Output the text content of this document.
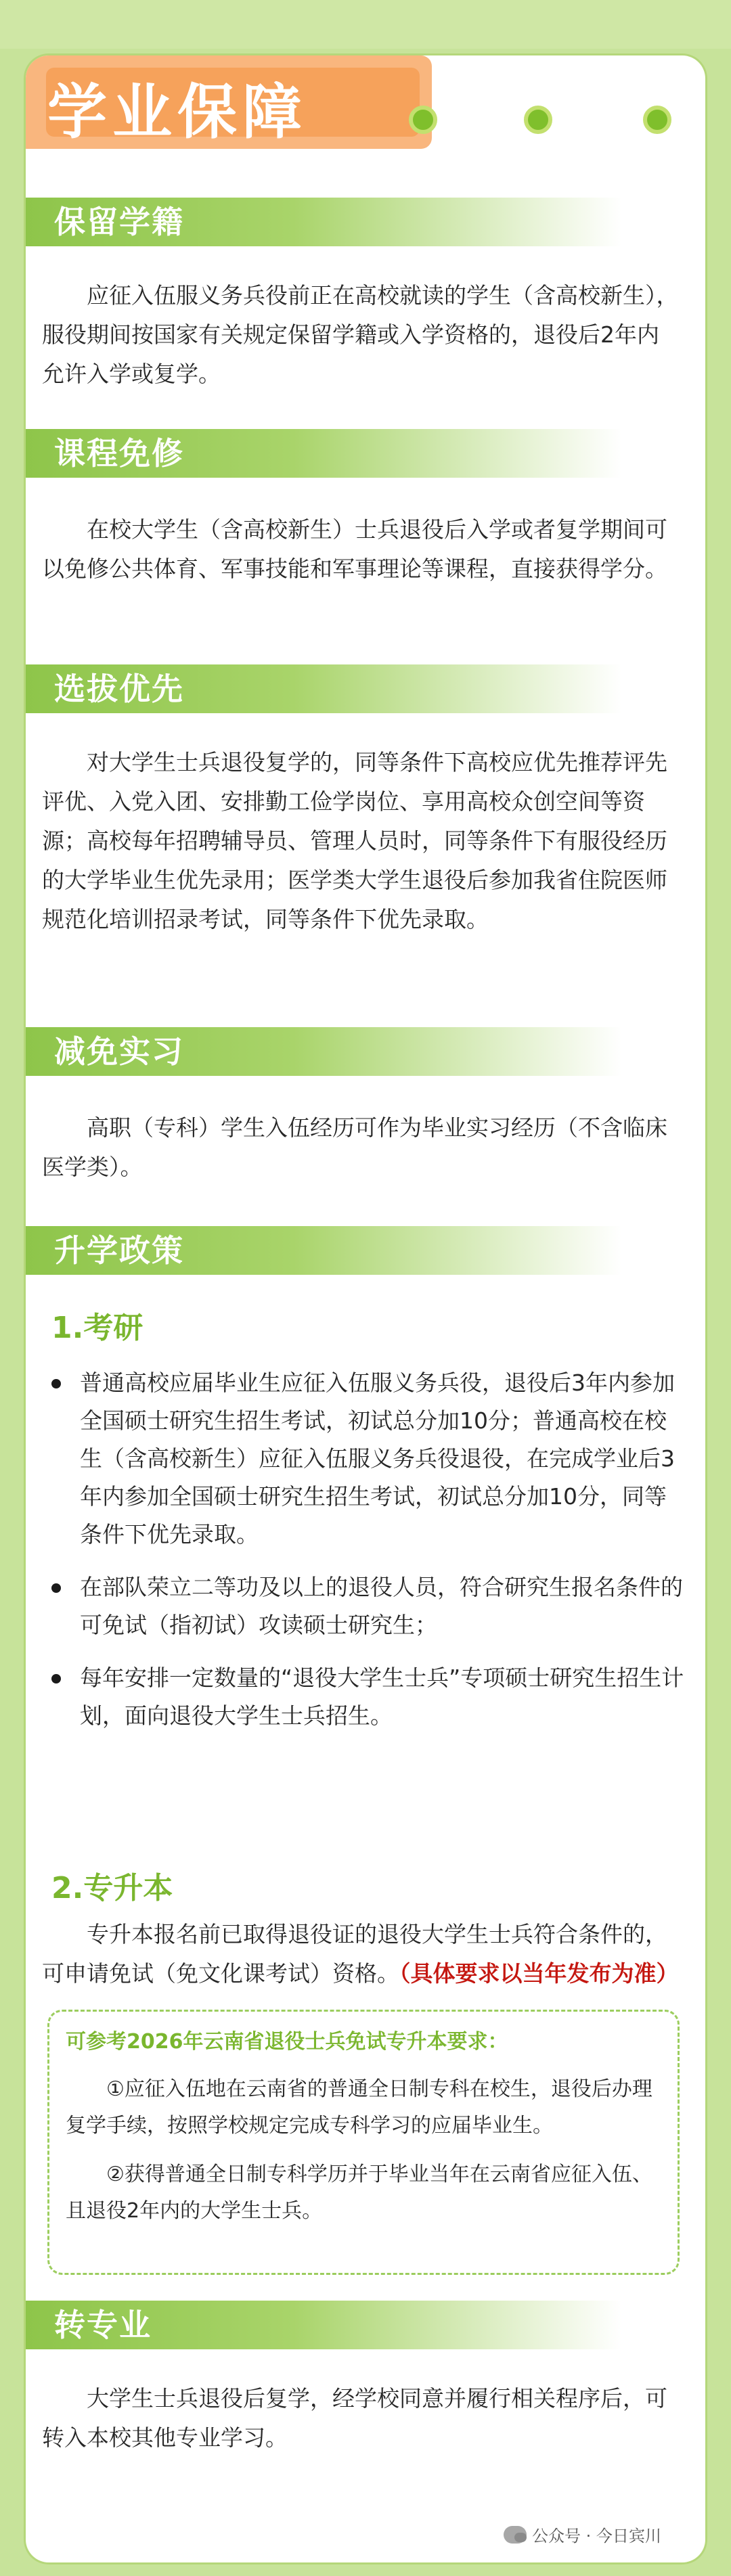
学业保障
保留学籍

应征入伍服义务兵役前正在高校就读的学生（含高校新生），服役期间按国家有关规定保留学籍或入学资格的，退役后2年内允许入学或复学。

课程免修

在校大学生（含高校新生）士兵退役后入学或者复学期间可以免修公共体育、军事技能和军事理论等课程，直接获得学分。

选拔优先

对大学生士兵退役复学的，同等条件下高校应优先推荐评先评优、入党入团、安排勤工俭学岗位、享用高校众创空间等资源；高校每年招聘辅导员、管理人员时，同等条件下有服役经历的大学毕业生优先录用；医学类大学生退役后参加我省住院医师规范化培训招录考试，同等条件下优先录取。

减免实习

高职（专科）学生入伍经历可作为毕业实习经历（不含临床医学类）。

升学政策
1.考研
普通高校应届毕业生应征入伍服义务兵役，退役后3年内参加全国硕士研究生招生考试，初试总分加10分；普通高校在校生（含高校新生）应征入伍服义务兵役退役，在完成学业后3年内参加全国硕士研究生招生考试，初试总分加10分，同等条件下优先录取。
在部队荣立二等功及以上的退役人员，符合研究生报名条件的可免试（指初试）攻读硕士研究生；
每年安排一定数量的“退役大学生士兵”专项硕士研究生招生计划，面向退役大学生士兵招生。
2.专升本

专升本报名前已取得退役证的退役大学生士兵符合条件的，可申请免试（免文化课考试）资格。（具体要求以当年发布为准）

可参考2026年云南省退役士兵免试专升本要求：
①应征入伍地在云南省的普通全日制专科在校生，退役后办理复学手续，按照学校规定完成专科学习的应届毕业生。
②获得普通全日制专科学历并于毕业当年在云南省应征入伍、且退役2年内的大学生士兵。
转专业

大学生士兵退役后复学，经学校同意并履行相关程序后，可转入本校其他专业学习。

公众号 · 今日宾川
